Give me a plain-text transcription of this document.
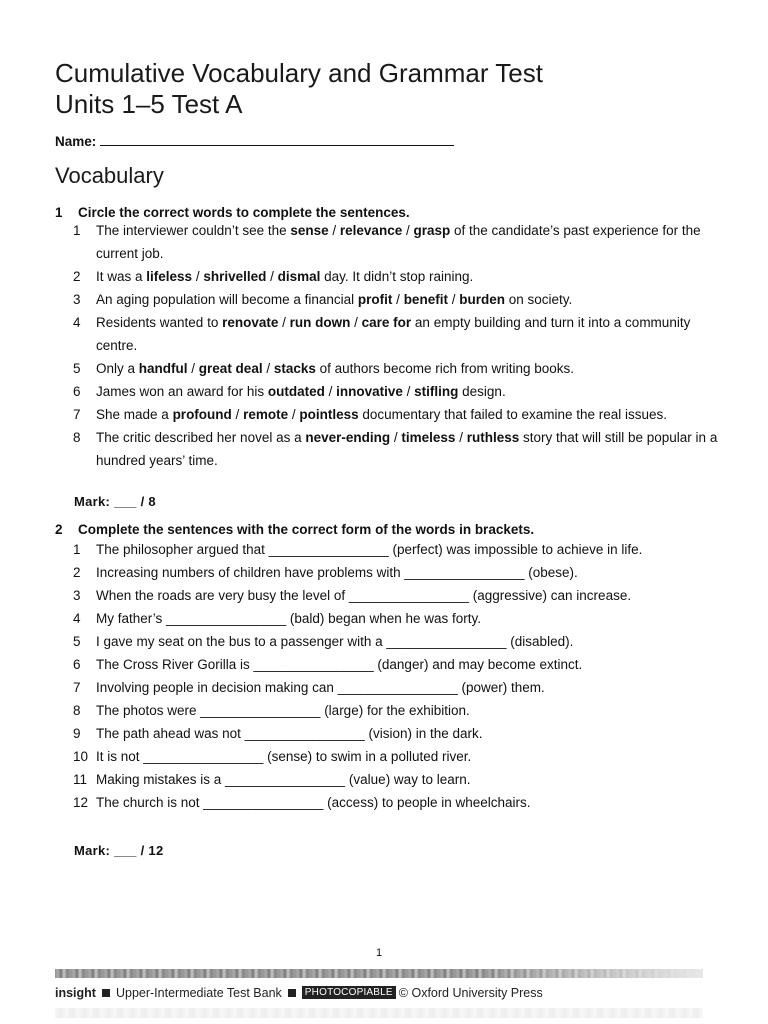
Cumulative Vocabulary and Grammar Test
Units 1–5 Test A
Name:
Vocabulary
1 Circle the correct words to complete the sentences.
1	The interviewer couldn’t see the sense / relevance / grasp of the candidate’s past experience for the current job.
2	It was a lifeless / shrivelled / dismal day. It didn’t stop raining.
3	An aging population will become a financial profit / benefit / burden on society.
4	Residents wanted to renovate / run down / care for an empty building and turn it into a community centre.
5	Only a handful / great deal / stacks of authors become rich from writing books.
6	James won an award for his outdated / innovative / stifling design.
7	She made a profound / remote / pointless documentary that failed to examine the real issues.
8	The critic described her novel as a never-ending / timeless / ruthless story that will still be popular in a hundred years’ time.
Mark: ___ / 8
2 Complete the sentences with the correct form of the words in brackets.
1	The philosopher argued that ________________ (perfect) was impossible to achieve in life.
2	Increasing numbers of children have problems with ________________ (obese).
3	When the roads are very busy the level of ________________ (aggressive) can increase.
4	My father’s ________________ (bald) began when he was forty.
5	I gave my seat on the bus to a passenger with a ________________ (disabled).
6	The Cross River Gorilla is ________________ (danger) and may become extinct.
7	Involving people in decision making can ________________ (power) them.
8	The photos were ________________ (large) for the exhibition.
9	The path ahead was not ________________ (vision) in the dark.
10 It is not ________________ (sense) to swim in a polluted river.
11 Making mistakes is a ________________ (value) way to learn.
12 The church is not ________________ (access) to people in wheelchairs.
Mark: ___ / 12
1
insight Upper-Intermediate Test Bank PHOTOCOPIABLE © Oxford University Press
